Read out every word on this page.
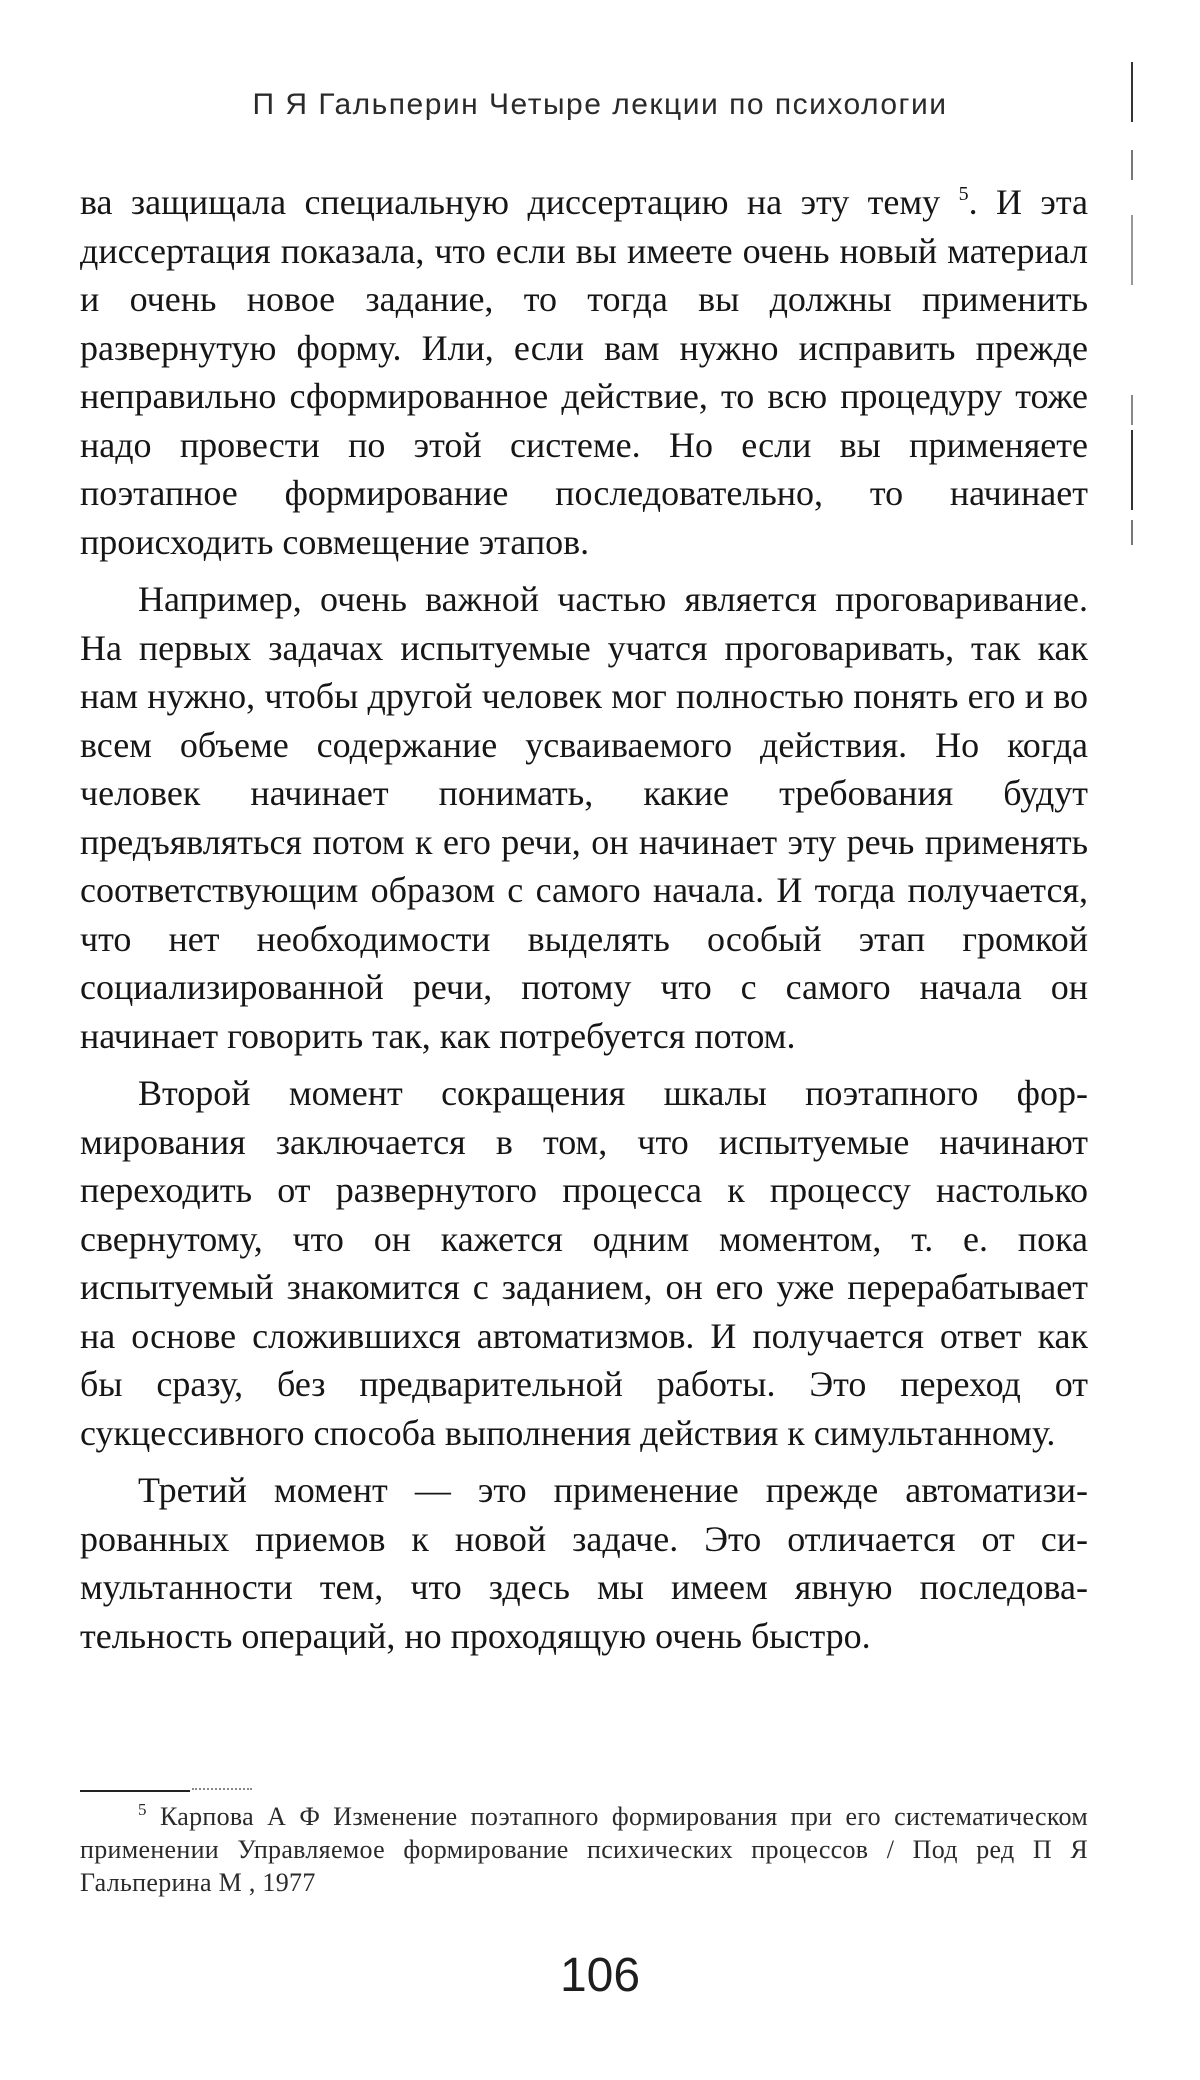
П Я Гальперин Четыре лекции по психологии

ва защищала специальную диссертацию на эту тему $^5$. И эта диссертация показала, что если вы имеете очень новый материал и очень новое задание, то тогда вы должны применить развернутую форму. Или, если вам нужно исправить прежде неправильно сформированное действие, то всю процедуру тоже надо провести по этой системе. Но если вы применяете поэтапное формирование последовательно, то начинает происходить совмещение этапов.

Например, очень важной частью является проговаривание. На первых задачах испытуемые учатся проговаривать, так как нам нужно, чтобы другой человек мог полностью понять его и во всем объеме содержание усваиваемого действия. Но когда человек начинает понимать, какие требования будут предъявляться потом к его речи, он начинает эту речь применять соответствующим образом с самого начала. И тогда получается, что нет необходимости выделять особый этап громкой социализированной речи, потому что с самого начала он начинает говорить так, как потребуется потом.

Второй момент сокращения шкалы поэтапного формирования заключается в том, что испытуемые начинают переходить от развернутого процесса к процессу настолько свернутому, что он кажется одним моментом, т. е. пока испытуемый знакомится с заданием, он его уже перерабатывает на основе сложившихся автоматизмов. И получается ответ как бы сразу, без предварительной работы. Это переход от сукцессивного способа выполнения действия к симультанному.

Третий момент — это применение прежде автоматизированных приемов к новой задаче. Это отличается от симультанности тем, что здесь мы имеем явную последовательность операций, но проходящую очень быстро.

$^5$ Карпова А Ф Изменение поэтапного формирования при его систематическом применении Управляемое формирование психических процессов / Под ред П Я Гальперина М , 1977
106
